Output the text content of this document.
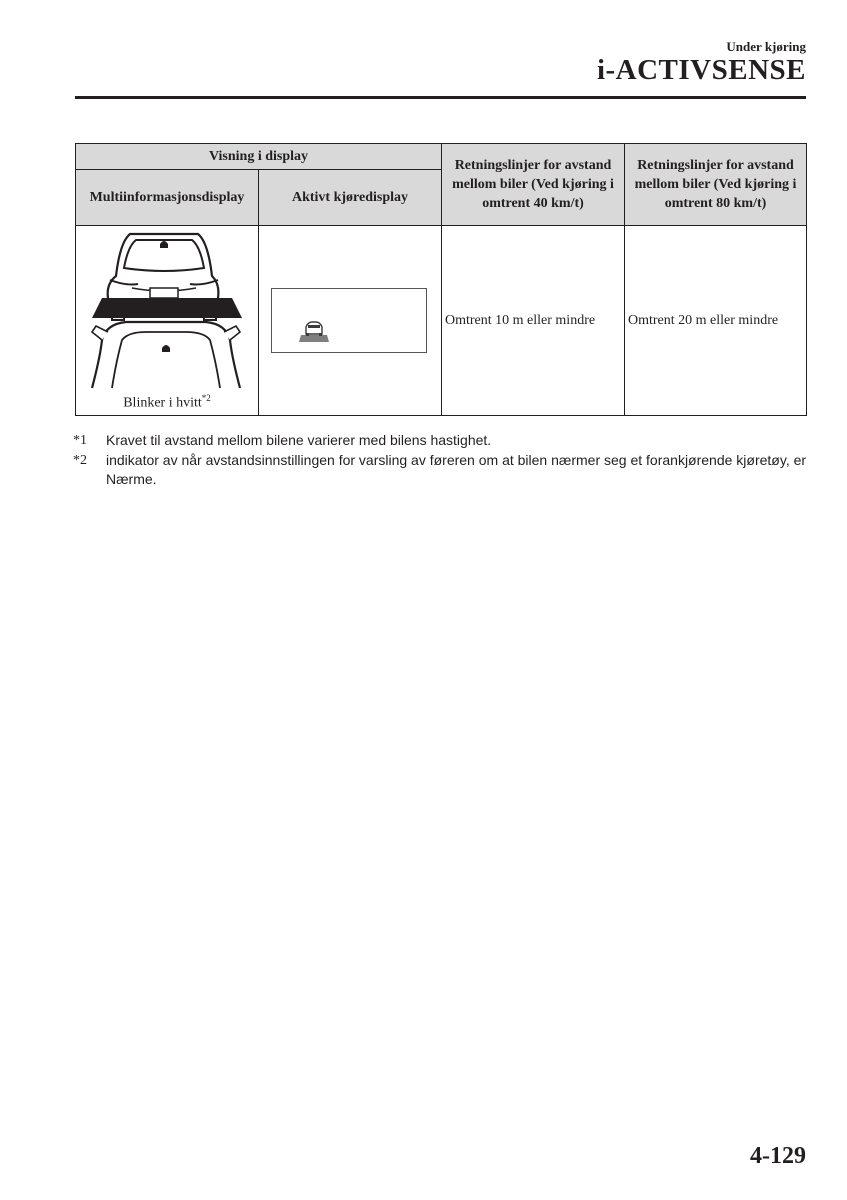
Under kjøring
i-ACTIVSENSE
Visning i display		Retningslinjer for avstand mellom biler (Ved kjøring i omtrent 40 km/t)	Retningslinjer for avstand mellom biler (Ved kjøring i omtrent 80 km/t)
Multiinformasjonsdisplay	Aktivt kjøredisplay		

Blinker i hvitt$^{*2}$		Omtrent 10 m eller mindre	Omtrent 20 m eller mindre
*1	Kravet til avstand mellom bilene varierer med bilens hastighet.
*2	indikator av når avstandsinnstillingen for varsling av føreren om at bilen nærmer seg et forankjørende kjøretøy, er Nærme.
4-129
